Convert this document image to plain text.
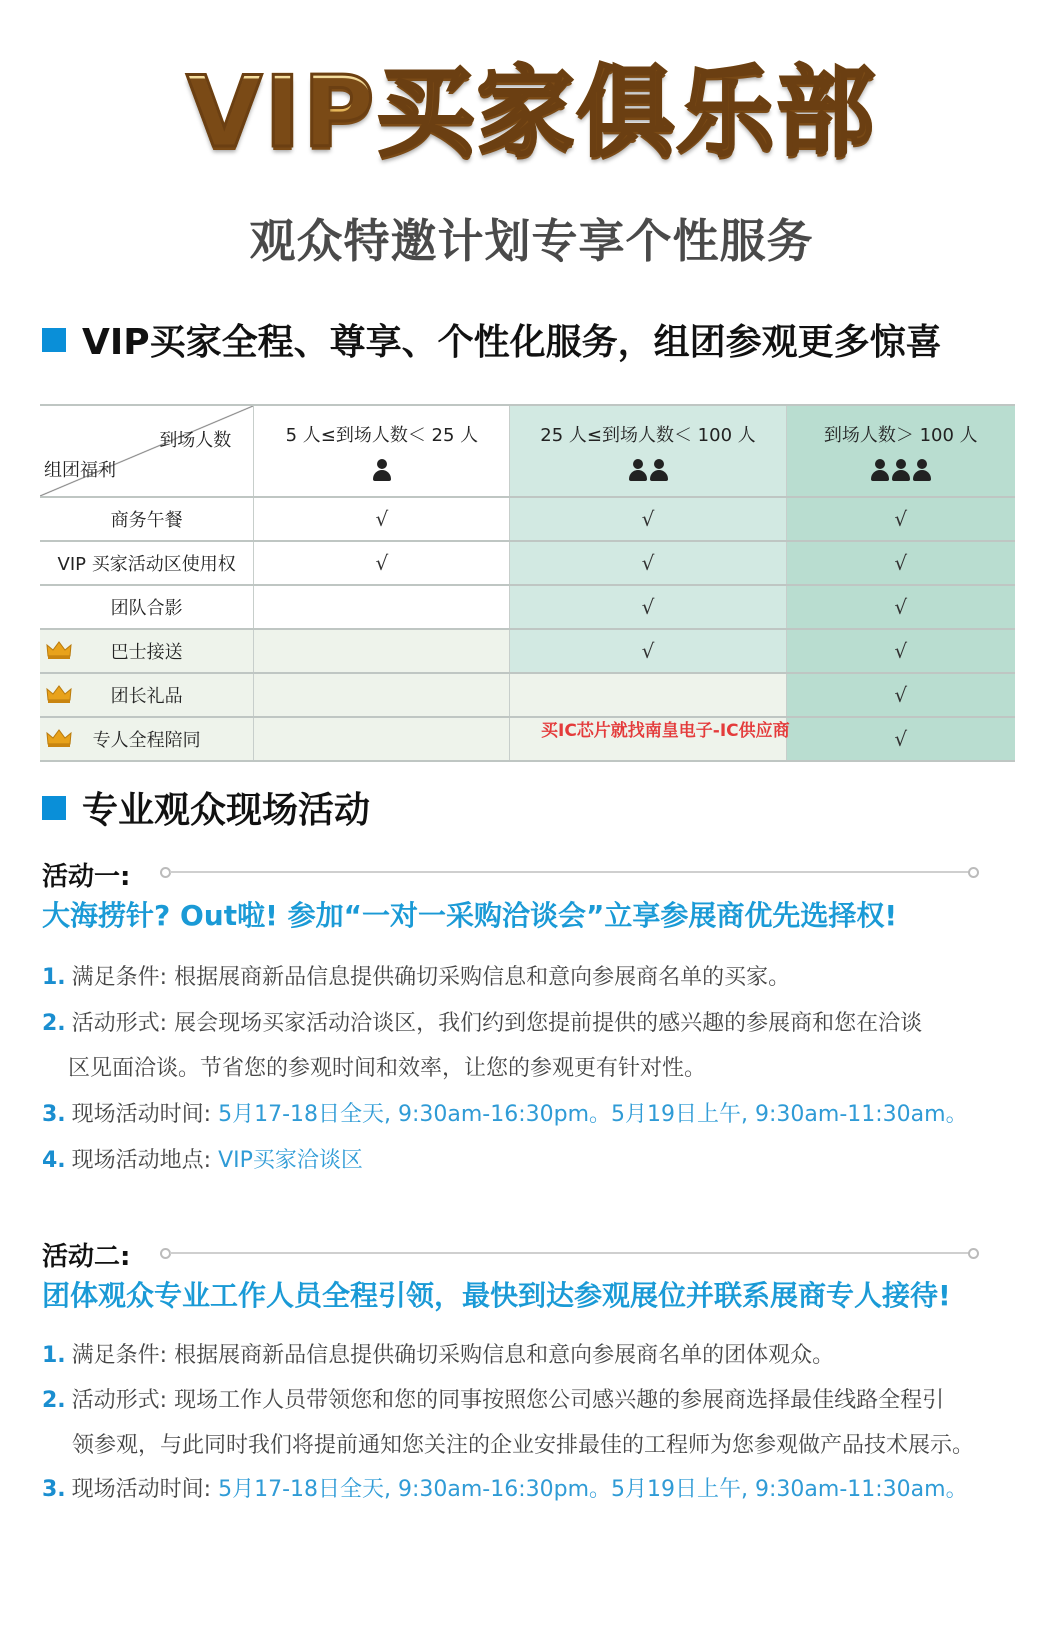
VIP买家俱乐部
观众特邀计划专享个性服务
VIP买家全程、尊享、个性化服务，组团参观更多惊喜
到场人数
组团福利	5 人≤到场人数＜ 25 人	25 人≤到场人数＜ 100 人	到场人数＞ 100 人

商务午餐	√	√	√
VIP 买家活动区使用权	√	√	√
团队合影		√	√

巴士接送		√	√

团长礼品			√

专人全程陪同			√
买IC芯片就找南皇电子-IC供应商
专业观众现场活动
活动一:
大海捞针? Out啦! 参加“一对一采购洽谈会”立享参展商优先选择权!
1. 满足条件: 根据展商新品信息提供确切采购信息和意向参展商名单的买家。
2. 活动形式: 展会现场买家活动洽谈区，我们约到您提前提供的感兴趣的参展商和您在洽谈
区见面洽谈。节省您的参观时间和效率，让您的参观更有针对性。
3. 现场活动时间: 5月17-18日全天, 9:30am-16:30pm。5月19日上午, 9:30am-11:30am。
4. 现场活动地点: VIP买家洽谈区
活动二:
团体观众专业工作人员全程引领，最快到达参观展位并联系展商专人接待!
1. 满足条件: 根据展商新品信息提供确切采购信息和意向参展商名单的团体观众。
2. 活动形式: 现场工作人员带领您和您的同事按照您公司感兴趣的参展商选择最佳线路全程引
领参观，与此同时我们将提前通知您关注的企业安排最佳的工程师为您参观做产品技术展示。
3. 现场活动时间: 5月17-18日全天, 9:30am-16:30pm。5月19日上午, 9:30am-11:30am。
